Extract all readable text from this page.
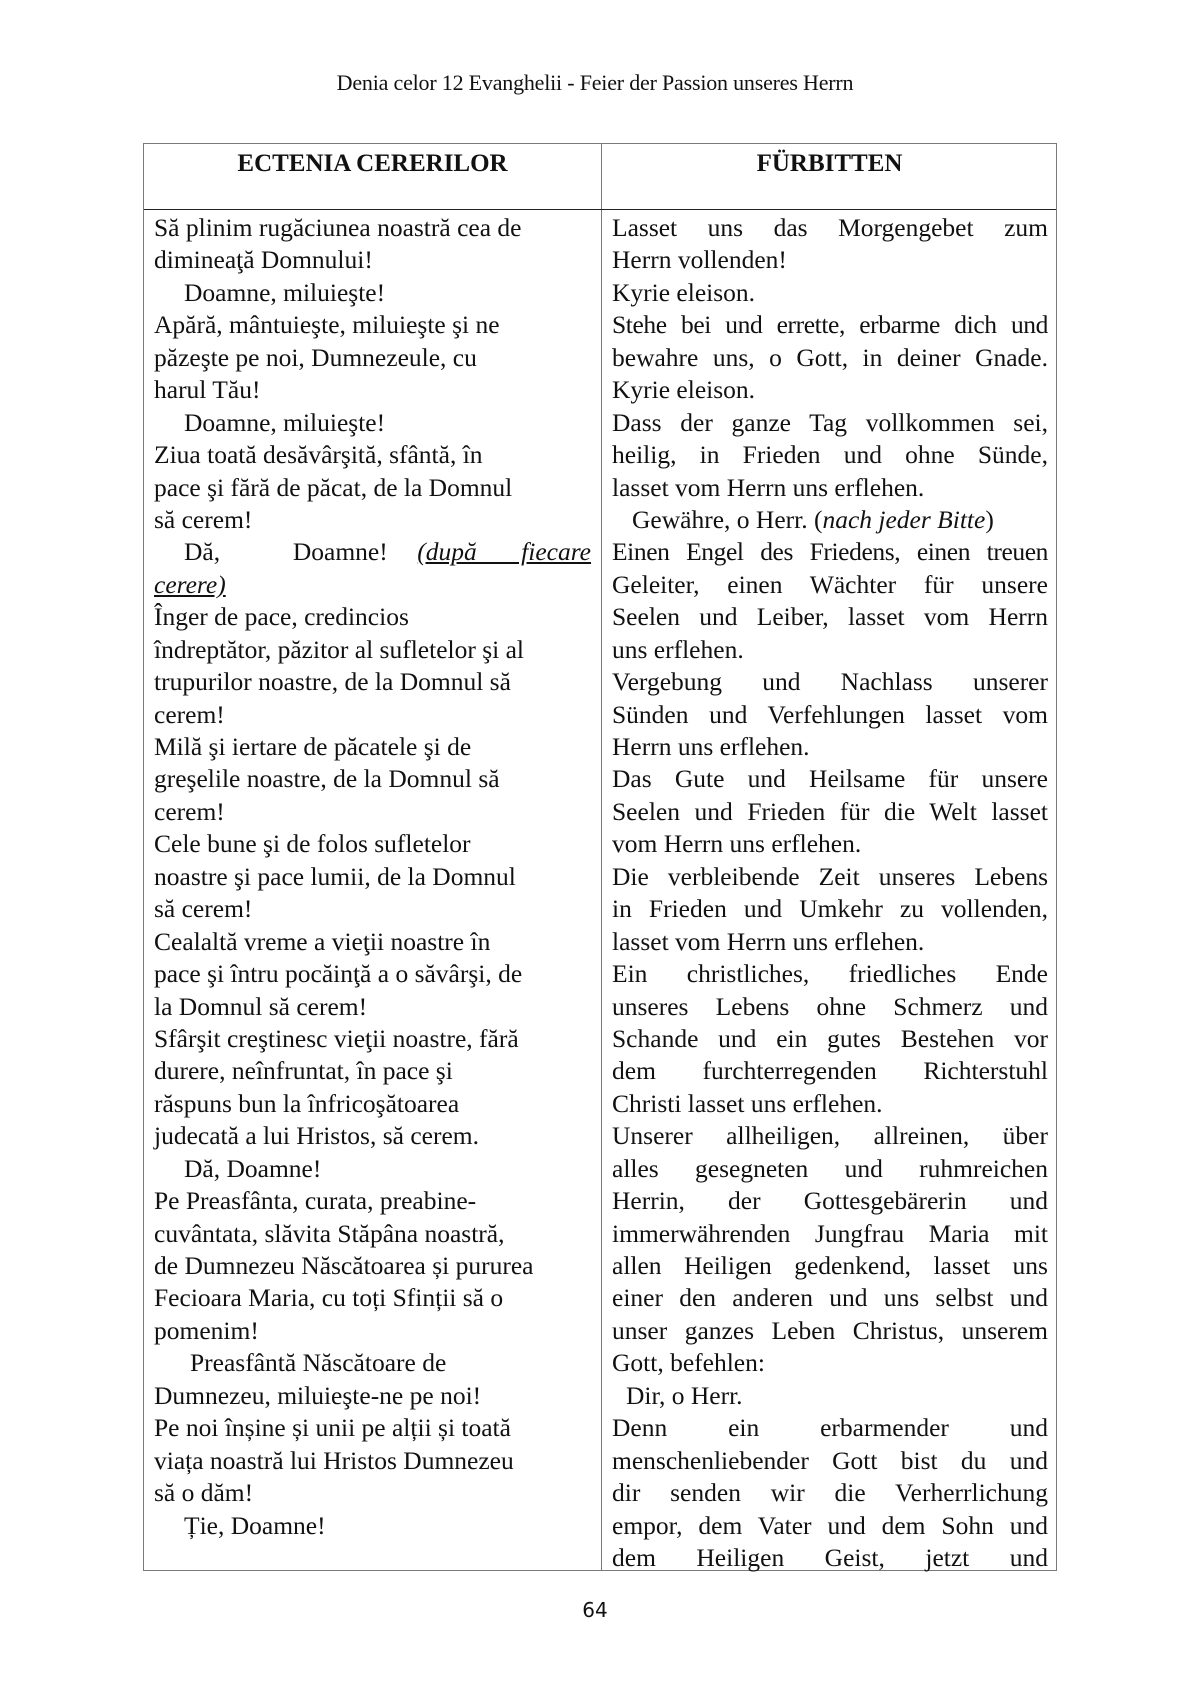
Denia celor 12 Evanghelii - Feier der Passion unseres Herrn
ECTENIA CERERILOR	FÜRBITTEN
Să plinim rugăciunea noastră cea de
dimineaţă Domnului!
Doamne, miluieşte!
Apără, mântuieşte, miluieşte şi ne
păzeşte pe noi, Dumnezeule, cu
harul Tău!
Doamne, miluieşte!
Ziua toată desăvârşită, sfântă, în
pace şi fără de păcat, de la Domnul
să cerem!
Dă,  Doamne! (după fiecare
cerere)
Înger de pace, credincios
îndreptător, păzitor al sufletelor şi al
trupurilor noastre, de la Domnul să
cerem!
Milă şi iertare de păcatele şi de
greşelile noastre, de la Domnul să
cerem!
Cele bune şi de folos sufletelor
noastre şi pace lumii, de la Domnul
să cerem!
Cealaltă vreme a vieţii noastre în
pace şi întru pocăinţă a o săvârşi, de
la Domnul să cerem!
Sfârşit creştinesc vieţii noastre, fără
durere, neînfruntat, în pace şi
răspuns bun la înfricoşătoarea
judecată a lui Hristos, să cerem.
Dă, Doamne!
Pe Preasfânta, curata, preabine-
cuvântata, slăvita Stăpâna noastră,
de Dumnezeu Născătoarea și pururea
Fecioara Maria, cu toți Sfinții să o
pomenim!
Preasfântă Născătoare de
Dumnezeu, miluieşte-ne pe noi!
Pe noi înșine și unii pe alții și toată
viața noastră lui Hristos Dumnezeu
să o dăm!
Ție, Doamne!
Lasset uns das Morgengebet zum
Herrn vollenden!
Kyrie eleison.
Stehe bei und errette, erbarme dich und
bewahre uns, o Gott, in deiner Gnade.
Kyrie eleison.
Dass der ganze Tag vollkommen sei,
heilig, in Frieden und ohne Sünde,
lasset vom Herrn uns erflehen.
Gewähre, o Herr. (nach jeder Bitte)
Einen Engel des Friedens, einen treuen
Geleiter, einen Wächter für unsere
Seelen und Leiber, lasset vom Herrn
uns erflehen.
Vergebung und Nachlass unserer
Sünden und Verfehlungen lasset vom
Herrn uns erflehen.
Das Gute und Heilsame für unsere
Seelen und Frieden für die Welt lasset
vom Herrn uns erflehen.
Die verbleibende Zeit unseres Lebens
in Frieden und Umkehr zu vollenden,
lasset vom Herrn uns erflehen.
Ein christliches, friedliches Ende
unseres Lebens ohne Schmerz und
Schande und ein gutes Bestehen vor
dem furchterregenden Richterstuhl
Christi lasset uns erflehen.
Unserer allheiligen, allreinen, über
alles gesegneten und ruhmreichen
Herrin, der Gottesgebärerin und
immerwährenden Jungfrau Maria mit
allen Heiligen gedenkend, lasset uns
einer den anderen und uns selbst und
unser ganzes Leben Christus, unserem
Gott, befehlen:
Dir, o Herr.
Denn ein erbarmender und
menschenliebender Gott bist du und
dir senden wir die Verherrlichung
empor, dem Vater und dem Sohn und
dem Heiligen Geist, jetzt und
64
